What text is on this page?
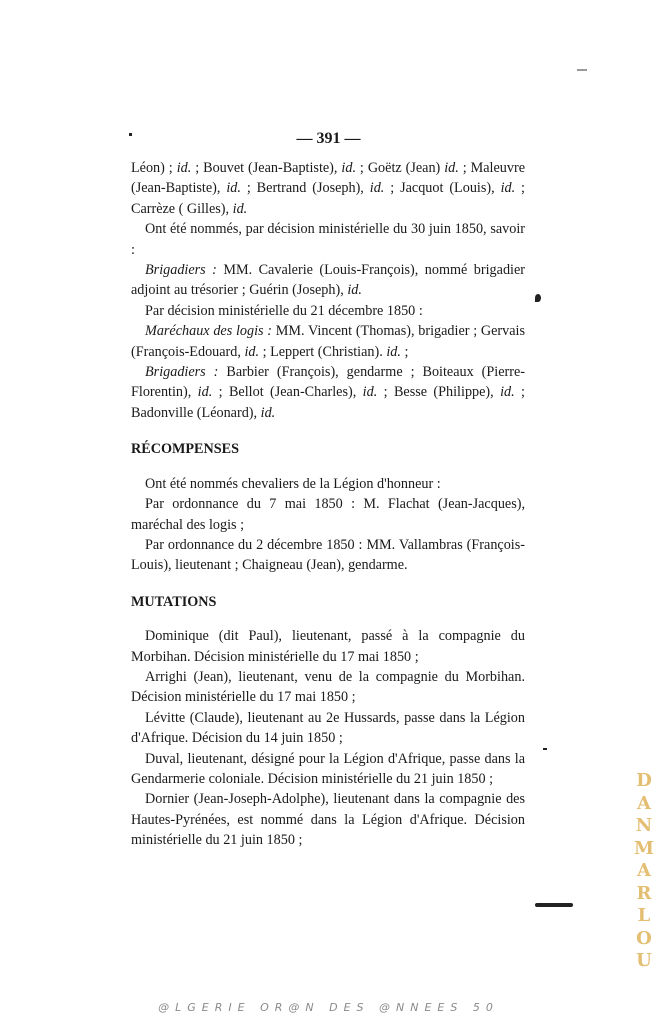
— 391 —

Léon) ; id. ; Bouvet (Jean-Baptiste), id. ; Goëtz (Jean) id. ; Maleuvre (Jean-Baptiste), id. ; Bertrand (Joseph), id. ; Jacquot (Louis), id. ; Carrèze ( Gilles), id.

Ont été nommés, par décision ministérielle du 30 juin 1850, savoir :

Brigadiers : MM. Cavalerie (Louis-François), nommé brigadier adjoint au trésorier ; Guérin (Joseph), id.

Par décision ministérielle du 21 décembre 1850 :

Maréchaux des logis : MM. Vincent (Thomas), brigadier ; Gervais (François-Edouard, id. ; Leppert (Christian). id. ;

Brigadiers : Barbier (François), gendarme ; Boiteaux (Pierre-Florentin), id. ; Bellot (Jean-Charles), id. ; Besse (Philippe), id. ; Badonville (Léonard), id.

RÉCOMPENSES

Ont été nommés chevaliers de la Légion d'honneur :

Par ordonnance du 7 mai 1850 : M. Flachat (Jean-Jacques), maréchal des logis ;

Par ordonnance du 2 décembre 1850 : MM. Vallambras (François-Louis), lieutenant ; Chaigneau (Jean), gendarme.

MUTATIONS

Dominique (dit Paul), lieutenant, passé à la compagnie du Morbihan. Décision ministérielle du 17 mai 1850 ;

Arrighi (Jean), lieutenant, venu de la compagnie du Morbihan. Décision ministérielle du 17 mai 1850 ;

Lévitte (Claude), lieutenant au 2e Hussards, passe dans la Légion d'Afrique. Décision du 14 juin 1850 ;

Duval, lieutenant, désigné pour la Légion d'Afrique, passe dans la Gendarmerie coloniale. Décision ministérielle du 21 juin 1850 ;

Dornier (Jean-Joseph-Adolphe), lieutenant dans la compagnie des Hautes-Pyrénées, est nommé dans la Légion d'Afrique. Décision ministérielle du 21 juin 1850 ;

D
A
N
M
A
R
L
O
U
@LGERIE OR@N DES @NNEES 50
